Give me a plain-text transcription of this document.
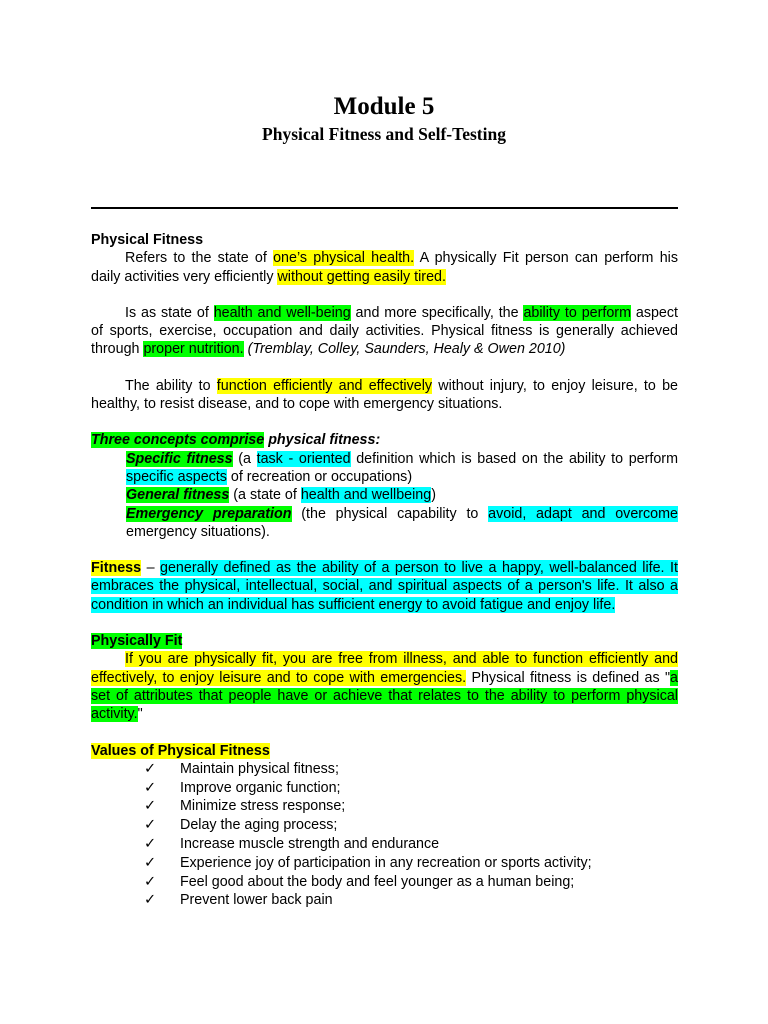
Module 5
Physical Fitness and Self-Testing

Physical Fitness

Refers to the state of one’s physical health. A physically Fit person can perform his daily activities very efficiently without getting easily tired.

Is as state of health and well-being and more specifically, the ability to perform aspect of sports, exercise, occupation and daily activities. Physical fitness is generally achieved through proper nutrition. (Tremblay, Colley, Saunders, Healy & Owen 2010)

The ability to function efficiently and effectively without injury, to enjoy leisure, to be healthy, to resist disease, and to cope with emergency situations.

Three concepts comprise physical fitness:

Specific fitness (a task - oriented definition which is based on the ability to perform specific aspects of recreation or occupations)

General fitness (a state of health and wellbeing)

Emergency preparation (the physical capability to avoid, adapt and overcome emergency situations).

Fitness – generally defined as the ability of a person to live a happy, well-balanced life. It embraces the physical, intellectual, social, and spiritual aspects of a person's life. It also a condition in which an individual has sufficient energy to avoid fatigue and enjoy life.

Physically Fit

If you are physically fit, you are free from illness, and able to function efficiently and effectively, to enjoy leisure and to cope with emergencies. Physical fitness is defined as "a set of attributes that people have or achieve that relates to the ability to perform physical activity."

Values of Physical Fitness

✓ Maintain physical fitness;
✓ Improve organic function;
✓ Minimize stress response;
✓ Delay the aging process;
✓ Increase muscle strength and endurance
✓ Experience joy of participation in any recreation or sports activity;
✓ Feel good about the body and feel younger as a human being;
✓ Prevent lower back pain
